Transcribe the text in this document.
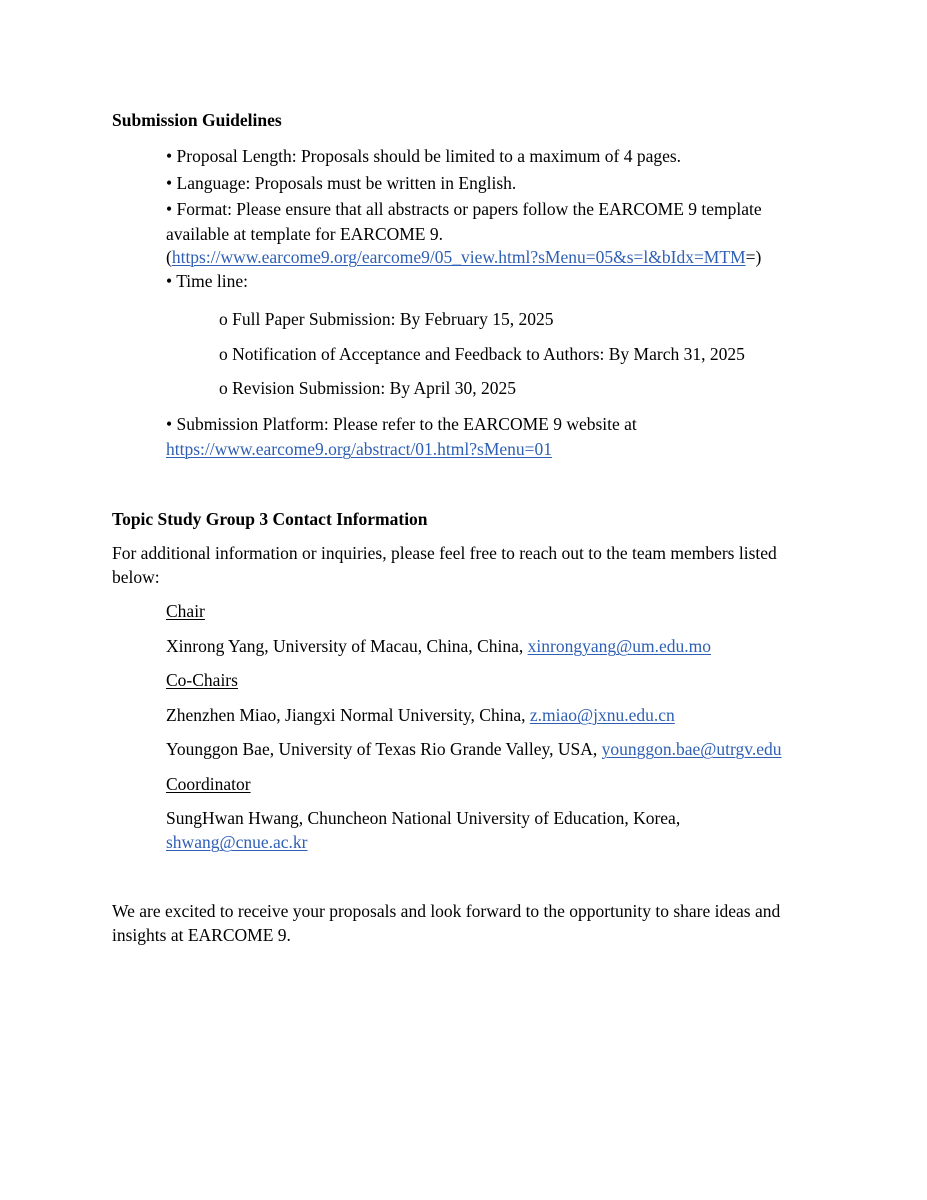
Submission Guidelines

• Proposal Length: Proposals should be limited to a maximum of 4 pages.

• Language: Proposals must be written in English.

• Format: Please ensure that all abstracts or papers follow the EARCOME 9 template

available at template for EARCOME 9.

(https://www.earcome9.org/earcome9/05_view.html?sMenu=05&s=l&bIdx=MTM=)

• Time line:

o Full Paper Submission: By February 15, 2025

o Notification of Acceptance and Feedback to Authors: By March 31, 2025

o Revision Submission: By April 30, 2025

• Submission Platform: Please refer to the EARCOME 9 website at

https://www.earcome9.org/abstract/01.html?sMenu=01

Topic Study Group 3 Contact Information

For additional information or inquiries, please feel free to reach out to the team members listed

below:

Chair

Xinrong Yang, University of Macau, China, China, xinrongyang@um.edu.mo

Co-Chairs

Zhenzhen Miao, Jiangxi Normal University, China, z.miao@jxnu.edu.cn

Younggon Bae, University of Texas Rio Grande Valley, USA, younggon.bae@utrgv.edu

Coordinator

SungHwan Hwang, Chuncheon National University of Education, Korea,

shwang@cnue.ac.kr

We are excited to receive your proposals and look forward to the opportunity to share ideas and

insights at EARCOME 9.
